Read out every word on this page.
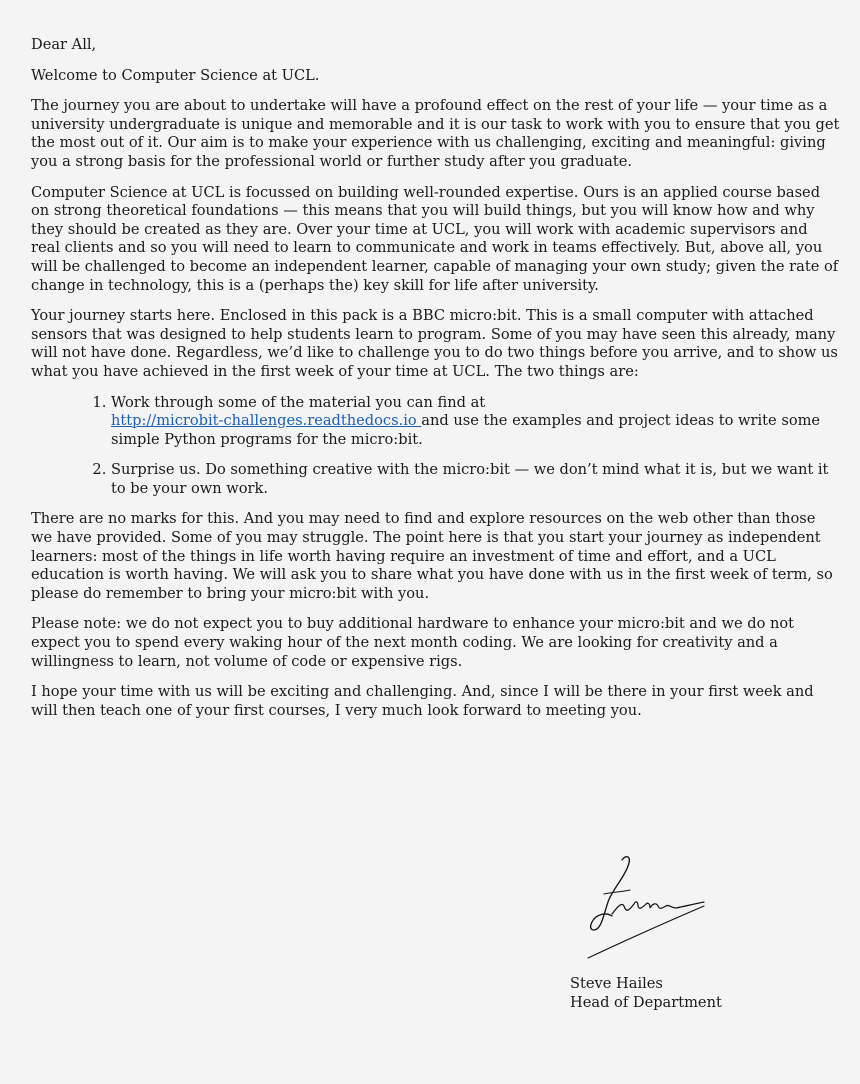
Dear All,

Welcome to Computer Science at UCL.

The journey you are about to undertake will have a profound effect on the rest of your life — your time as a university undergraduate is unique and memorable and it is our task to work with you to ensure that you get the most out of it. Our aim is to make your experience with us challenging, exciting and meaningful: giving you a strong basis for the professional world or further study after you graduate.

Computer Science at UCL is focussed on building well-rounded expertise. Ours is an applied course based on strong theoretical foundations — this means that you will build things, but you will know how and why they should be created as they are. Over your time at UCL, you will work with academic supervisors and real clients and so you will need to learn to communicate and work in teams effectively. But, above all, you will be challenged to become an independent learner, capable of managing your own study; given the rate of change in technology, this is a (perhaps the) key skill for life after university.

Your journey starts here. Enclosed in this pack is a BBC micro:bit. This is a small computer with attached sensors that was designed to help students learn to program. Some of you may have seen this already, many will not have done. Regardless, we’d like to challenge you to do two things before you arrive, and to show us what you have achieved in the first week of your time at UCL. The two things are:

1. Work through some of the material you can find at
http://microbit-challenges.readthedocs.io and use the examples and project ideas to write some simple Python programs for the micro:bit.
2. Surprise us. Do something creative with the micro:bit — we don’t mind what it is, but we want it to be your own work.

There are no marks for this. And you may need to find and explore resources on the web other than those we have provided. Some of you may struggle. The point here is that you start your journey as independent learners: most of the things in life worth having require an investment of time and effort, and a UCL education is worth having. We will ask you to share what you have done with us in the first week of term, so please do remember to bring your micro:bit with you.

Please note: we do not expect you to buy additional hardware to enhance your micro:bit and we do not expect you to spend every waking hour of the next month coding. We are looking for creativity and a willingness to learn, not volume of code or expensive rigs.

I hope your time with us will be exciting and challenging. And, since I will be there in your first week and will then teach one of your first courses, I very much look forward to meeting you.

Steve Hailes
Head of Department
